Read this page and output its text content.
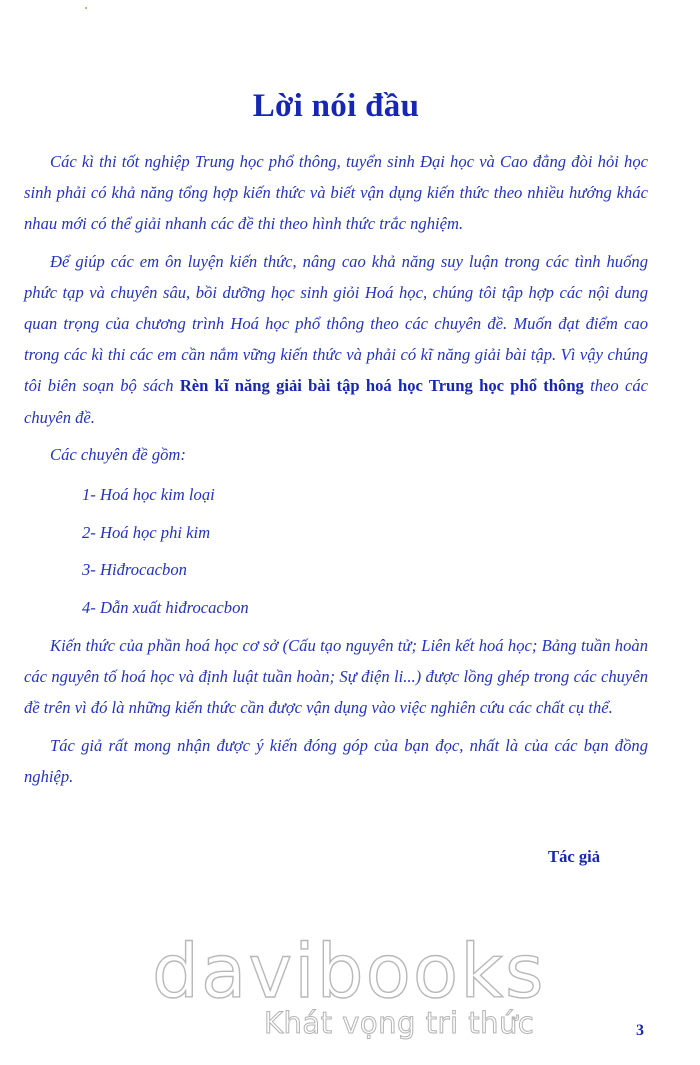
Lời nói đầu

Các kì thi tốt nghiệp Trung học phổ thông, tuyển sinh Đại học và Cao đẳng đòi hỏi học sinh phải có khả năng tổng hợp kiến thức và biết vận dụng kiến thức theo nhiều hướng khác nhau mới có thể giải nhanh các đề thi theo hình thức trắc nghiệm.

Để giúp các em ôn luyện kiến thức, nâng cao khả năng suy luận trong các tình huống phức tạp và chuyên sâu, bồi dưỡng học sinh giỏi Hoá học, chúng tôi tập hợp các nội dung quan trọng của chương trình Hoá học phổ thông theo các chuyên đề. Muốn đạt điểm cao trong các kì thi các em cần nắm vững kiến thức và phải có kĩ năng giải bài tập. Vì vậy chúng tôi biên soạn bộ sách Rèn kĩ năng giải bài tập hoá học Trung học phổ thông theo các chuyên đề.

Các chuyên đề gồm:

1- Hoá học kim loại
2- Hoá học phi kim
3- Hiđrocacbon
4- Dẫn xuất hiđrocacbon

Kiến thức của phần hoá học cơ sở (Cấu tạo nguyên tử; Liên kết hoá học; Bảng tuần hoàn các nguyên tố hoá học và định luật tuần hoàn; Sự điện li...) được lồng ghép trong các chuyên đề trên vì đó là những kiến thức cần được vận dụng vào việc nghiên cứu các chất cụ thể.

Tác giả rất mong nhận được ý kiến đóng góp của bạn đọc, nhất là của các bạn đồng nghiệp.

Tác giả
davibooks
Khát vọng tri thức	3
